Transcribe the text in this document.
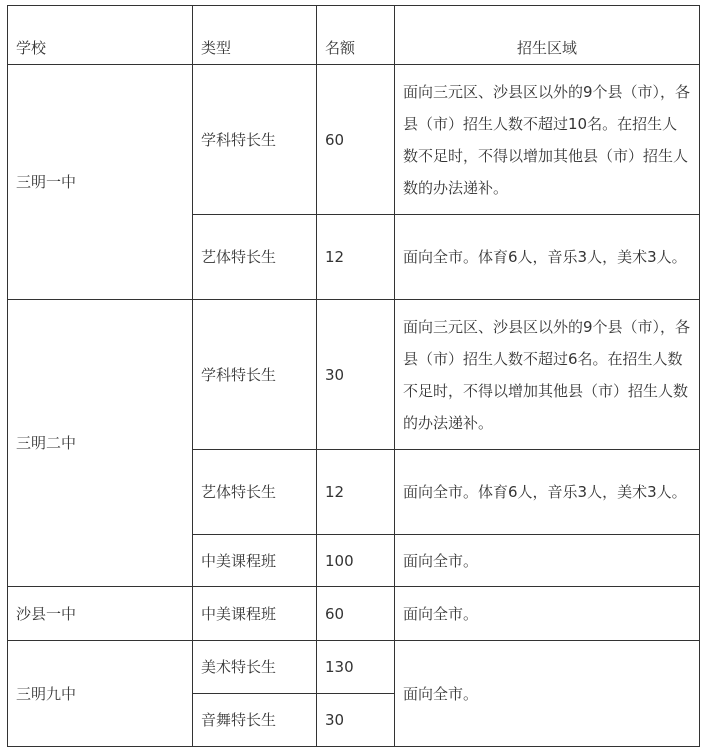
学校	类型	名额	招生区域
三明一中	学科特长生	60	面向三元区、沙县区以外的9个县（市），各县（市）招生人数不超过10名。在招生人数不足时，不得以增加其他县（市）招生人数的办法递补。
	艺体特长生	12	面向全市。体育6人，音乐3人，美术3人。
三明二中	学科特长生	30	面向三元区、沙县区以外的9个县（市），各县（市）招生人数不超过6名。在招生人数不足时，不得以增加其他县（市）招生人数的办法递补。
	艺体特长生	12	面向全市。体育6人，音乐3人，美术3人。
	中美课程班	100	面向全市。
沙县一中	中美课程班	60	面向全市。
三明九中	美术特长生	130	面向全市。
	音舞特长生	30	
